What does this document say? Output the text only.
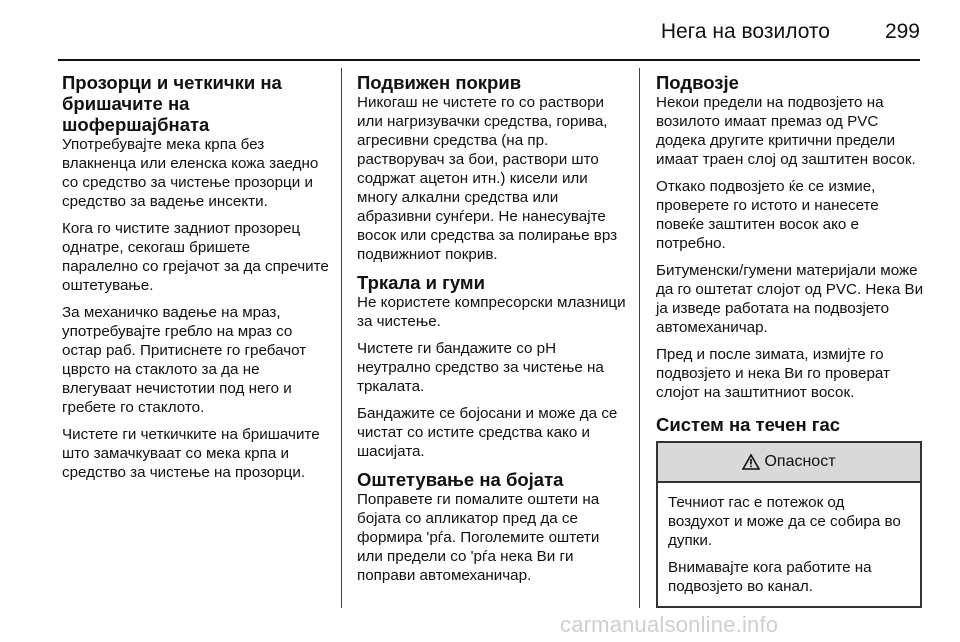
Нега на возилото	299
Прозорци и четкички на бришачите на шофершајбната

Употребувајте мека крпа без влакненца или еленска кожа заедно со средство за чистење прозорци и средство за вадење инсекти.

Кога го чистите задниот прозорец однатре, секогаш бришете паралелно со грејачот за да спречите оштетување.

За механичко вадење на мраз, употребувајте гребло на мраз со остар раб. Притиснете го гребачот цврсто на стаклото за да не влегуваат нечистотии под него и гребете го стаклото.

Чистете ги четкичките на бришачите што замачкуваат со мека крпа и средство за чистење на прозорци.

Подвижен покрив

Никогаш не чистете го со раствори или нагризувачки средства, горива, агресивни средства (на пр. растворувач за бои, раствори што содржат ацетон итн.) кисели или многу алкални средства или абразивни сунѓери. Не нанесувајте восок или средства за полирање врз подвижниот покрив.

Тркала и гуми

Не користете компресорски млазници за чистење.

Чистете ги бандажите со pH неутрално средство за чистење на тркалата.

Бандажите се бојосани и може да се чистат со истите средства како и шасијата.

Оштетување на бојата

Поправете ги помалите оштети на бојата со апликатор пред да се формира 'рѓа. Поголемите оштети или предели со 'рѓа нека Ви ги поправи автомеханичар.

Подвозје

Некои предели на подвозјето на возилото имаат премаз од PVC додека другите критични предели имаат траен слој од заштитен восок.

Откако подвозјето ќе се измие, проверете го истото и нанесете повеќе заштитен восок ако е потребно.

Битуменски/гумени материјали може да го оштетат слојот од PVC. Нека Ви ја изведе работата на подвозјето автомеханичар.

Пред и после зимата, измијте го подвозјето и нека Ви го проверат слојот на заштитниот восок.

Систем на течен гас
Опасност

Течниот гас е потежок од воздухот и може да се собира во дупки.

Внимавајте кога работите на подвозјето во канал.

carmanualsonline.info
